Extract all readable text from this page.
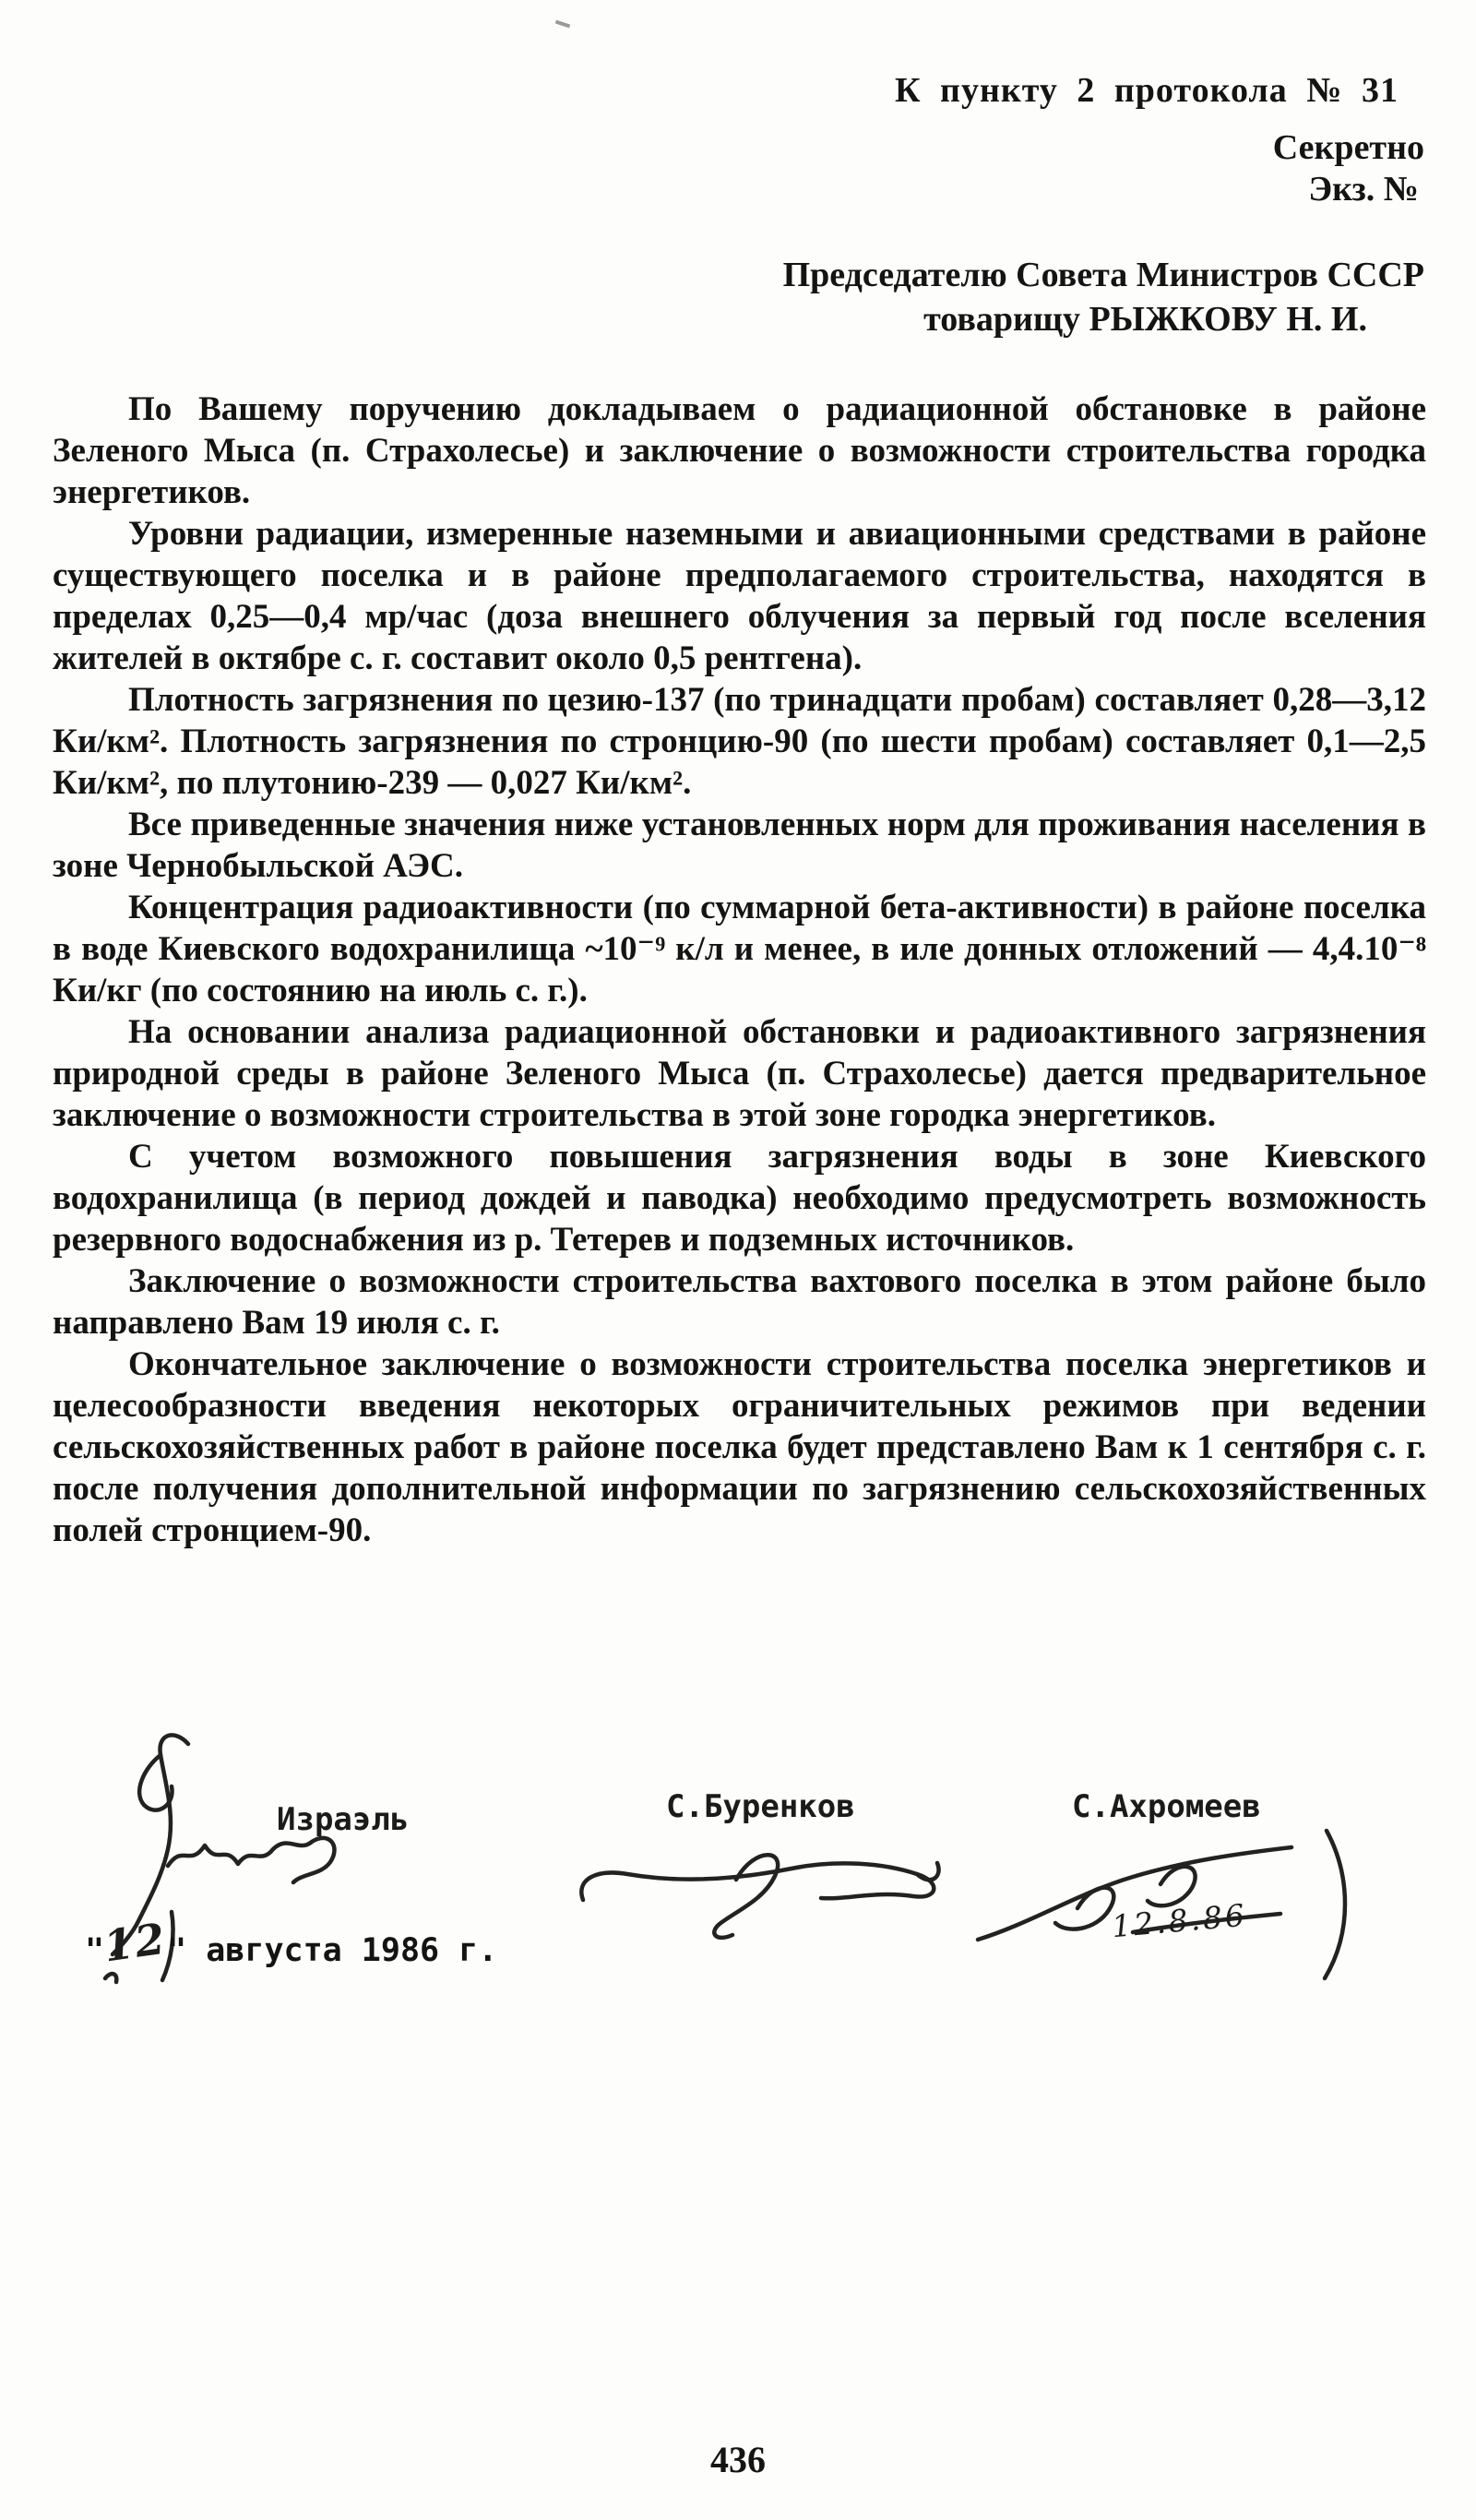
К пункту 2 протокола № 31
Секретно
Экз. №
Председателю Совета Министров СССР
товарищу РЫЖКОВУ Н. И.

По Вашему поручению докладываем о радиационной обстановке в районе Зеленого Мыса (п. Страхолесье) и заключение о возможности строительства городка энергетиков.

Уровни радиации, измеренные наземными и авиационными средствами в районе существующего поселка и в районе предполагаемого строительства, находятся в пределах 0,25—0,4 мр/час (доза внешнего облучения за первый год после вселения жителей в октябре с. г. составит около 0,5 рентгена).

Плотность загрязнения по цезию-137 (по тринадцати пробам) составляет 0,28—3,12 Ки/км². Плотность загрязнения по стронцию-90 (по шести пробам) составляет 0,1—2,5 Ки/км², по плутонию-239 — 0,027 Ки/км².

Все приведенные значения ниже установленных норм для проживания населения в зоне Чернобыльской АЭС.

Концентрация радиоактивности (по суммарной бета-активности) в районе поселка в воде Киевского водохранилища ~10⁻⁹ к/л и менее, в иле донных отложений — 4,4.10⁻⁸ Ки/кг (по состоянию на июль с. г.).

На основании анализа радиационной обстановки и радиоактивного загрязнения природной среды в районе Зеленого Мыса (п. Страхолесье) дается предварительное заключение о возможности строительства в этой зоне городка энергетиков.

С учетом возможного повышения загрязнения воды в зоне Киевского водохранилища (в период дождей и паводка) необходимо предусмотреть возможность резервного водоснабжения из р. Тетерев и подземных источников.

Заключение о возможности строительства вахтового поселка в этом районе было направлено Вам 19 июля с. г.

Окончательное заключение о возможности строительства поселка энергетиков и целесообразности введения некоторых ограничительных режимов при ведении сельскохозяйственных работ в районе поселка будет представлено Вам к 1 сентября с. г. после получения дополнительной информации по загрязнению сельскохозяйственных полей стронцием-90.

Израэль	С.Буренков	С.Ахромеев
12.8.86
"12" августа 1986 г.
436
